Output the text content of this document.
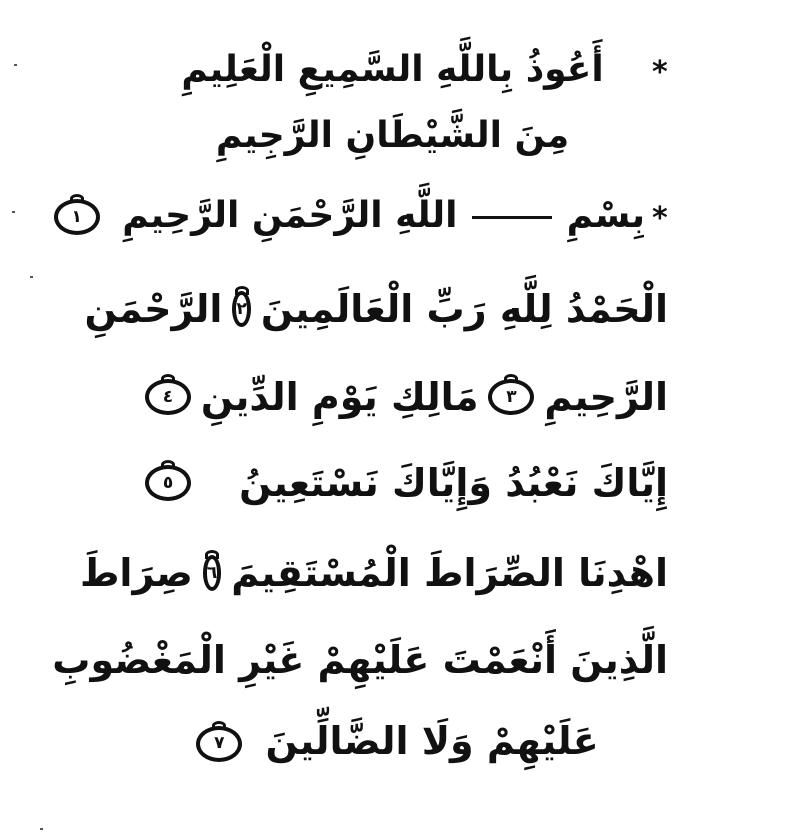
*
*
أَعُوذُ بِاللَّهِ السَّمِيعِ الْعَلِيمِ
مِنَ الشَّيْطَانِ الرَّجِيمِ
بِسْمِ  اللَّهِ الرَّحْمَنِ الرَّحِيمِ ١
الْحَمْدُ لِلَّهِ رَبِّ الْعَالَمِينَ
٢
الرَّحْمَنِ
الرَّحِيمِ
٣
مَالِكِ يَوْمِ الدِّينِ
٤
إِيَّاكَ نَعْبُدُ وَإِيَّاكَ نَسْتَعِينُ
٥
اهْدِنَا الصِّرَاطَ الْمُسْتَقِيمَ
٦
صِرَاطَ
الَّذِينَ أَنْعَمْتَ عَلَيْهِمْ غَيْرِ الْمَغْضُوبِ
عَلَيْهِمْ وَلَا الضَّالِّينَ ٧
